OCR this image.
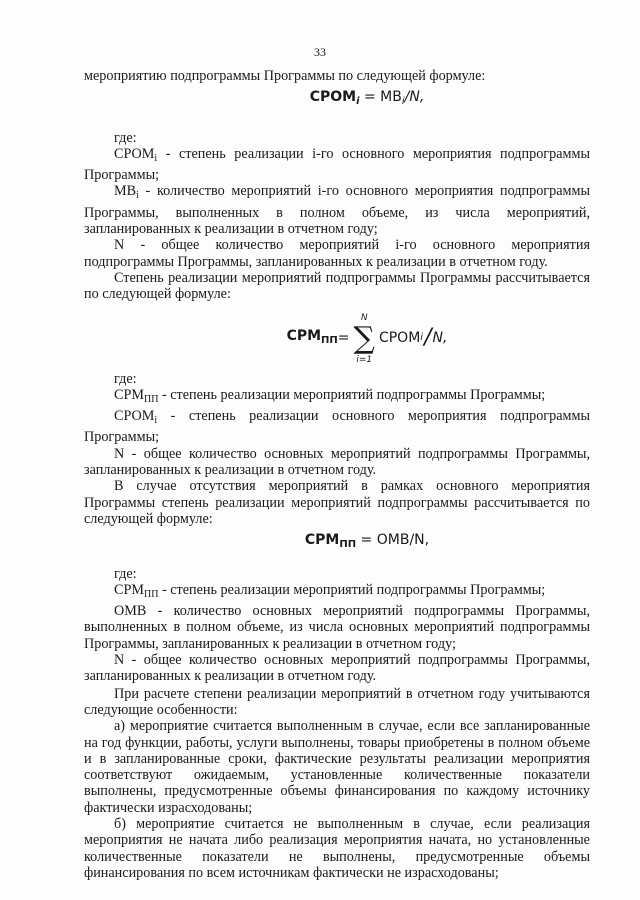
33

мероприятию подпрограммы Программы по следующей формуле:

$СРОМ_i = МВ_i/N$,

где:

$СРОМ_i$ - степень реализации i-го основного мероприятия подпрограммы Программы;

$МВ_i$ - количество мероприятий i-го основного мероприятия подпрограммы Программы, выполненных в полном объеме, из числа мероприятий, запланированных к реализации в отчетном году;

N - общее количество мероприятий i-го основного мероприятия подпрограммы Программы, запланированных к реализации в отчетном году.

Степень реализации мероприятий подпрограммы Программы рассчитывается по следующей формуле:

$СРМ_{ПП}$ =
N
∑
i=1
СРОМ i / N,

где:

$СРМ_{ПП}$ - степень реализации мероприятий подпрограммы Программы;

$СРОМ_i$ - степень реализации основного мероприятия подпрограммы Программы;

N - общее количество основных мероприятий подпрограммы Программы, запланированных к реализации в отчетном году.

В случае отсутствия мероприятий в рамках основного мероприятия Программы степень реализации мероприятий подпрограммы рассчитывается по следующей формуле:

$СРМ_{ПП} = ОМВ/N$,

где:

$СРМ_{ПП}$ - степень реализации мероприятий подпрограммы Программы;

ОМВ - количество основных мероприятий подпрограммы Программы, выполненных в полном объеме, из числа основных мероприятий подпрограммы Программы, запланированных к реализации в отчетном году;

N - общее количество основных мероприятий подпрограммы Программы, запланированных к реализации в отчетном году.

При расчете степени реализации мероприятий в отчетном году учитываются следующие особенности:

а) мероприятие считается выполненным в случае, если все запланированные на год функции, работы, услуги выполнены, товары приобретены в полном объеме и в запланированные сроки, фактические результаты реализации мероприятия соответствуют ожидаемым, установленные количественные показатели выполнены, предусмотренные объемы финансирования по каждому источнику фактически израсходованы;

б) мероприятие считается не выполненным в случае, если реализация мероприятия не начата либо реализация мероприятия начата, но установленные количественные показатели не выполнены, предусмотренные объемы финансирования по всем источникам фактически не израсходованы;
